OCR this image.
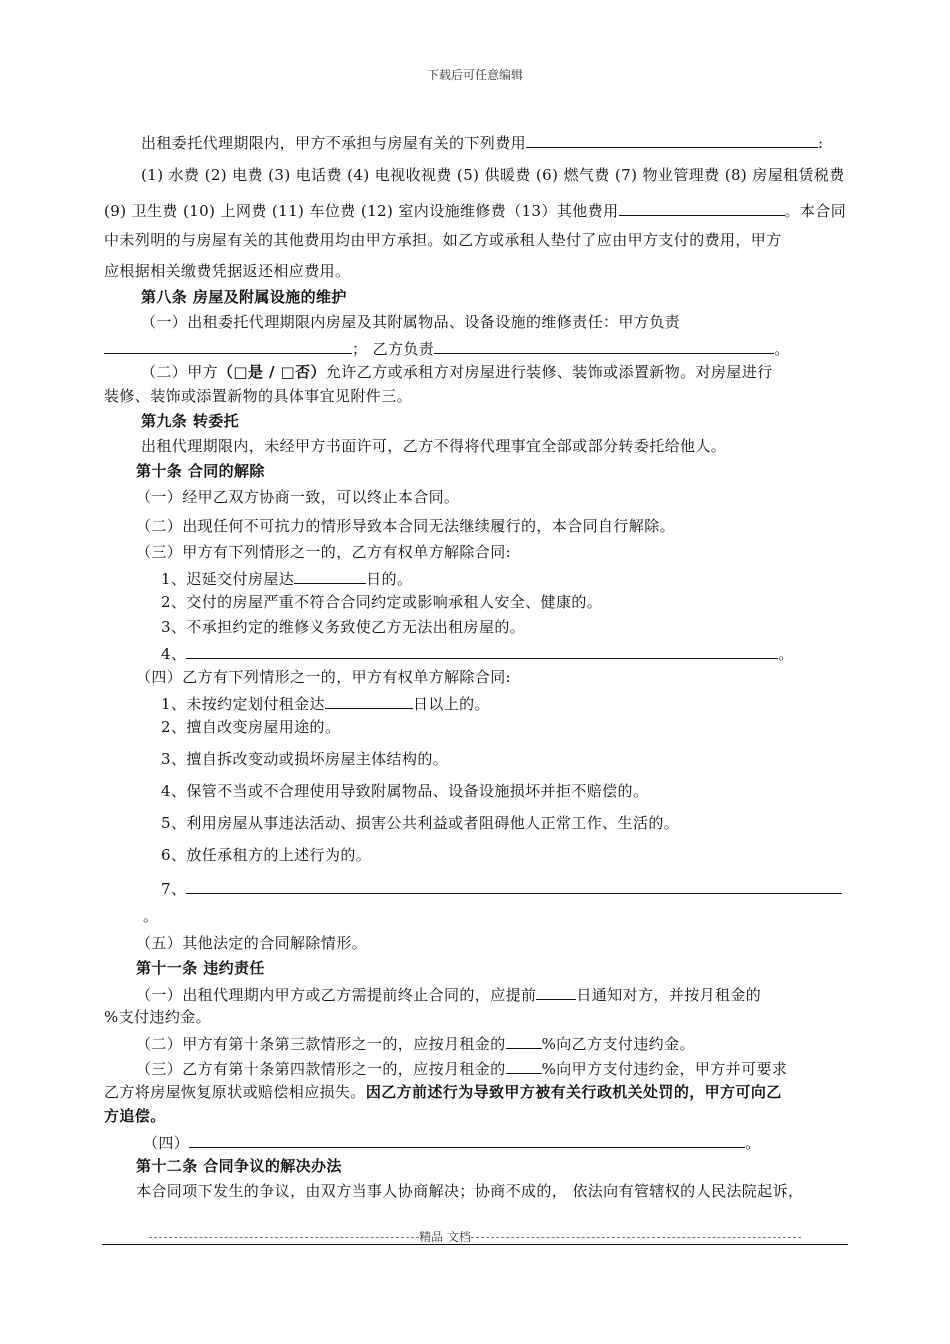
下载后可任意编辑
出租委托代理期限内，甲方不承担与房屋有关的下列费用	:
(1) 水费 (2) 电费 (3) 电话费 (4) 电视收视费 (5) 供暖费 (6) 燃气费 (7) 物业管理费 (8) 房屋租赁税费
(9) 卫生费 (10) 上网费 (11) 车位费 (12) 室内设施维修费（13）其他费用	。本合同
中未列明的与房屋有关的其他费用均由甲方承担。如乙方或承租人垫付了应由甲方支付的费用，甲方
应根据相关缴费凭据返还相应费用。
第八条 房屋及附属设施的维护
（一）出租委托代理期限内房屋及其附属物品、设备设施的维修责任：甲方负责
； 乙方负责	。
（二）甲方（□是 / □否）允许乙方或承租方对房屋进行装修、装饰或添置新物。对房屋进行
装修、装饰或添置新物的具体事宜见附件三。
第九条 转委托
出租代理期限内，未经甲方书面许可，乙方不得将代理事宜全部或部分转委托给他人。
第十条 合同的解除
（一）经甲乙双方协商一致，可以终止本合同。
（二）出现任何不可抗力的情形导致本合同无法继续履行的，本合同自行解除。
（三）甲方有下列情形之一的，乙方有权单方解除合同:
1、迟延交付房屋达	日的。
2、交付的房屋严重不符合合同约定或影响承租人安全、健康的。
3、不承担约定的维修义务致使乙方无法出租房屋的。
4、	。
（四）乙方有下列情形之一的，甲方有权单方解除合同:
1、未按约定划付租金达	日以上的。
2、擅自改变房屋用途的。
3、擅自拆改变动或损坏房屋主体结构的。
4、保管不当或不合理使用导致附属物品、设备设施损坏并拒不赔偿的。
5、利用房屋从事违法活动、损害公共利益或者阻碍他人正常工作、生活的。
6、放任承租方的上述行为的。
7、
。
（五）其他法定的合同解除情形。
第十一条 违约责任
（一）出租代理期内甲方或乙方需提前终止合同的，应提前	日通知对方，并按月租金的
%支付违约金。
（二）甲方有第十条第三款情形之一的，应按月租金的 %向乙方支付违约金。
（三）乙方有第十条第四款情形之一的，应按月租金的 %向甲方支付违约金，甲方并可要求
乙方将房屋恢复原状或赔偿相应损失。因乙方前述行为导致甲方被有关行政机关处罚的，甲方可向乙
方追偿。
（四）	。
第十二条 合同争议的解决办法
本合同项下发生的争议，由双方当事人协商解决；协商不成的， 依法向有管辖权的人民法院起诉，
精品 文档
